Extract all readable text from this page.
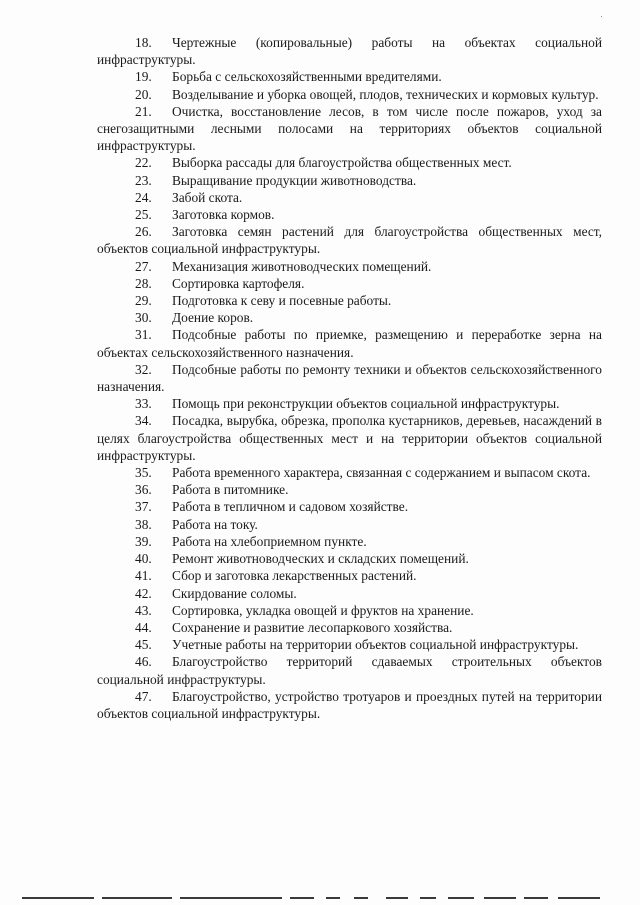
18. Чертежные (копировальные) работы на объектах социальной инфраструктуры.
19. Борьба с сельскохозяйственными вредителями.
20. Возделывание и уборка овощей, плодов, технических и кормовых культур.
21. Очистка, восстановление лесов, в том числе после пожаров, уход за снегозащитными лесными полосами на территориях объектов социальной инфраструктуры.
22. Выборка рассады для благоустройства общественных мест.
23. Выращивание продукции животноводства.
24. Забой скота.
25. Заготовка кормов.
26. Заготовка семян растений для благоустройства общественных мест, объектов социальной инфраструктуры.
27. Механизация животноводческих помещений.
28. Сортировка картофеля.
29. Подготовка к севу и посевные работы.
30. Доение коров.
31. Подсобные работы по приемке, размещению и переработке зерна на объектах сельскохозяйственного назначения.
32. Подсобные работы по ремонту техники и объектов сельскохозяйственного назначения.
33. Помощь при реконструкции объектов социальной инфраструктуры.
34. Посадка, вырубка, обрезка, прополка кустарников, деревьев, насаждений в целях благоустройства общественных мест и на территории объектов социальной инфраструктуры.
35. Работа временного характера, связанная с содержанием и выпасом скота.
36. Работа в питомнике.
37. Работа в тепличном и садовом хозяйстве.
38. Работа на току.
39. Работа на хлебоприемном пункте.
40. Ремонт животноводческих и складских помещений.
41. Сбор и заготовка лекарственных растений.
42. Скирдование соломы.
43. Сортировка, укладка овощей и фруктов на хранение.
44. Сохранение и развитие лесопаркового хозяйства.
45. Учетные работы на территории объектов социальной инфраструктуры.
46. Благоустройство территорий сдаваемых строительных объектов социальной инфраструктуры.
47. Благоустройство, устройство тротуаров и проездных путей на территории объектов социальной инфраструктуры.
